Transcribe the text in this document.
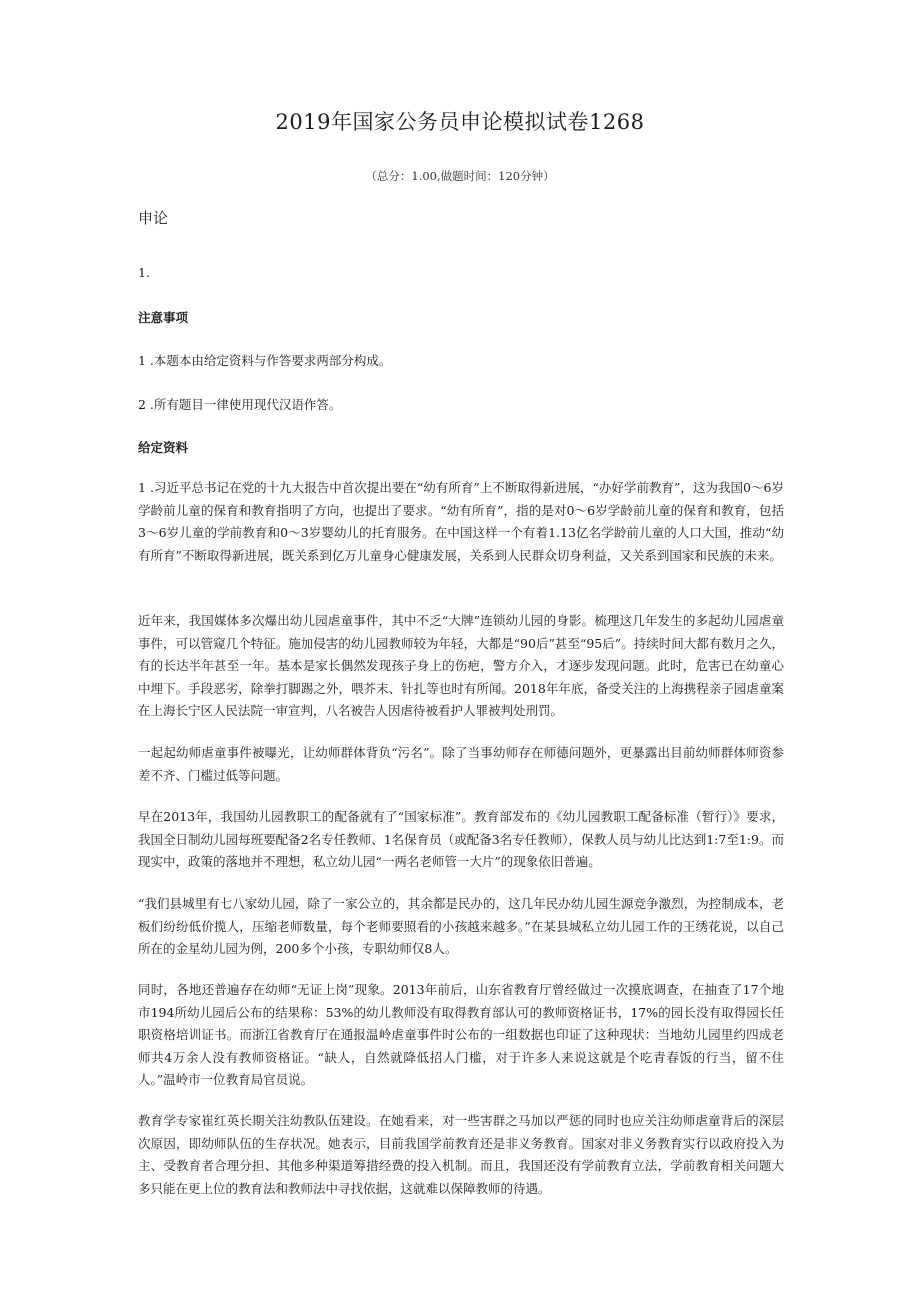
2019年国家公务员申论模拟试卷1268
（总分：1.00,做题时间：120分钟）
申论
1.
注意事项
1 .本题本由给定资料与作答要求两部分构成。
2 .所有题目一律使用现代汉语作答。
给定资料
1 .习近平总书记在党的十九大报告中首次提出要在“幼有所育”上不断取得新进展，“办好学前教育”，这为我国0〜6岁学龄前儿童的保育和教育指明了方向，也提出了要求。“幼有所育”，指的是对0〜6岁学龄前儿童的保育和教育，包括3〜6岁儿童的学前教育和0〜3岁婴幼儿的托育服务。在中国这样一个有着1.13亿名学龄前儿童的人口大国，推动“幼有所育”不断取得新进展，既关系到亿万儿童身心健康发展，关系到人民群众切身利益，又关系到国家和民族的未来。
近年来，我国媒体多次爆出幼儿园虐童事件，其中不乏“大牌”连锁幼儿园的身影。梳理这几年发生的多起幼儿园虐童事件，可以管窥几个特征。施加侵害的幼儿园教师较为年轻，大都是“90后”甚至“95后”。持续时间大都有数月之久，有的长达半年甚至一年。基本是家长偶然发现孩子身上的伤疤，警方介入，才逐步发现问题。此时，危害已在幼童心中埋下。手段恶劣，除拳打脚踢之外，喂芥末、针扎等也时有所闻。2018年年底，备受关注的上海携程亲子园虐童案在上海长宁区人民法院一审宣判，八名被告人因虐待被看护人罪被判处刑罚。
一起起幼师虐童事件被曝光，让幼师群体背负“污名”。除了当事幼师存在师德问题外，更暴露出目前幼师群体师资参差不齐、门槛过低等问题。
早在2013年，我国幼儿园教职工的配备就有了“国家标准”。教育部发布的《幼儿园教职工配备标准（暂行）》要求，我国全日制幼儿园每班要配备2名专任教师、1名保育员（或配备3名专任教师），保教人员与幼儿比达到1:7至1:9。而现实中，政策的落地并不理想，私立幼儿园“一两名老师管一大片”的现象依旧普遍。
“我们县城里有七八家幼儿园，除了一家公立的，其余都是民办的，这几年民办幼儿园生源竞争激烈，为控制成本，老板们纷纷低价揽人，压缩老师数量，每个老师要照看的小孩越来越多。”在某县城私立幼儿园工作的王绣花说，以自己所在的金星幼儿园为例，200多个小孩，专职幼师仅8人。
同时，各地还普遍存在幼师“无证上岗”现象。2013年前后，山东省教育厅曾经做过一次摸底调查，在抽查了17个地市194所幼儿园后公布的结果称：53%的幼儿教师没有取得教育部认可的教师资格证书，17%的园长没有取得园长任职资格培训证书。而浙江省教育厅在通报温岭虐童事件时公布的一组数据也印证了这种现状：当地幼儿园里约四成老师共4万余人没有教师资格证。“缺人，自然就降低招人门槛，对于许多人来说这就是个吃青春饭的行当，留不住人。”温岭市一位教育局官员说。
教育学专家崔红英长期关注幼教队伍建设。在她看来，对一些害群之马加以严惩的同时也应关注幼师虐童背后的深层次原因，即幼师队伍的生存状况。她表示，目前我国学前教育还是非义务教育。国家对非义务教育实行以政府投入为主、受教育者合理分担、其他多种渠道筹措经费的投入机制。而且，我国还没有学前教育立法，学前教育相关问题大多只能在更上位的教育法和教师法中寻找依据，这就难以保障教师的待遇。
